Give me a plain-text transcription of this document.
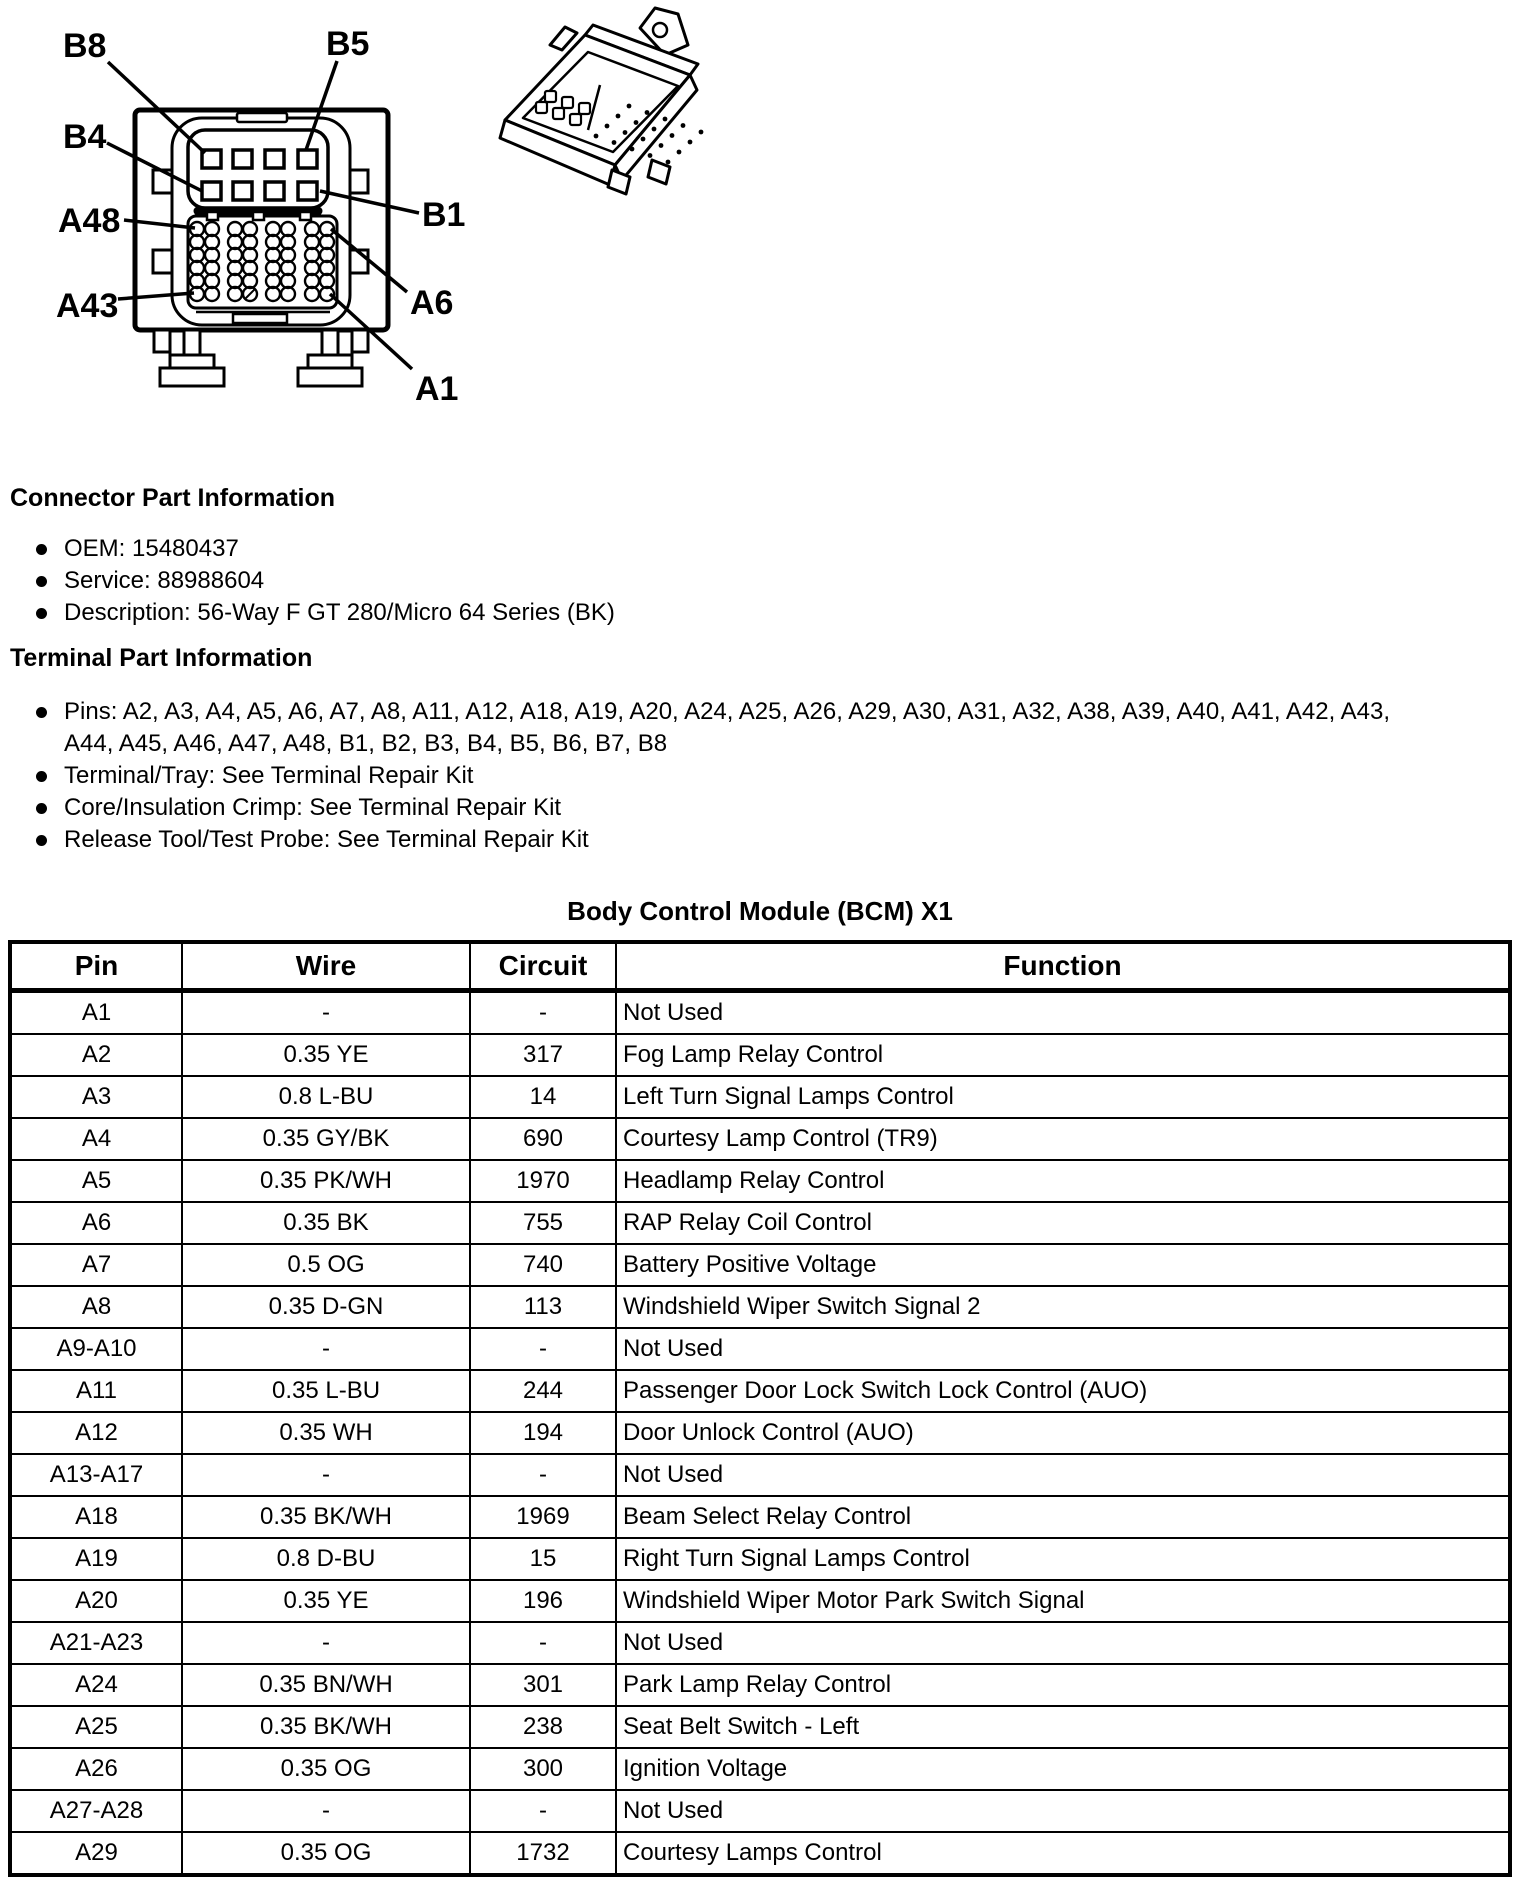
B8	B5
B4
B1
A48
A6
A43
A1
Connector Part Information
OEM: 15480437
Service: 88988604
Description: 56-Way F GT 280/Micro 64 Series (BK)
Terminal Part Information
Pins: A2, A3, A4, A5, A6, A7, A8, A11, A12, A18, A19, A20, A24, A25, A26, A29, A30, A31, A32, A38, A39, A40, A41, A42, A43,
A44, A45, A46, A47, A48, B1, B2, B3, B4, B5, B6, B7, B8
Terminal/Tray: See Terminal Repair Kit
Core/Insulation Crimp: See Terminal Repair Kit
Release Tool/Test Probe: See Terminal Repair Kit
Body Control Module (BCM) X1
Pin	Wire	Circuit	Function
A1	-	-	Not Used
A2	0.35 YE	317	Fog Lamp Relay Control
A3	0.8 L-BU	14	Left Turn Signal Lamps Control
A4	0.35 GY/BK	690	Courtesy Lamp Control (TR9)
A5	0.35 PK/WH	1970	Headlamp Relay Control
A6	0.35 BK	755	RAP Relay Coil Control
A7	0.5 OG	740	Battery Positive Voltage
A8	0.35 D-GN	113	Windshield Wiper Switch Signal 2
A9-A10	-	-	Not Used
A11	0.35 L-BU	244	Passenger Door Lock Switch Lock Control (AUO)
A12	0.35 WH	194	Door Unlock Control (AUO)
A13-A17	-	-	Not Used
A18	0.35 BK/WH	1969	Beam Select Relay Control
A19	0.8 D-BU	15	Right Turn Signal Lamps Control
A20	0.35 YE	196	Windshield Wiper Motor Park Switch Signal
A21-A23	-	-	Not Used
A24	0.35 BN/WH	301	Park Lamp Relay Control
A25	0.35 BK/WH	238	Seat Belt Switch - Left
A26	0.35 OG	300	Ignition Voltage
A27-A28	-	-	Not Used
A29	0.35 OG	1732	Courtesy Lamps Control
